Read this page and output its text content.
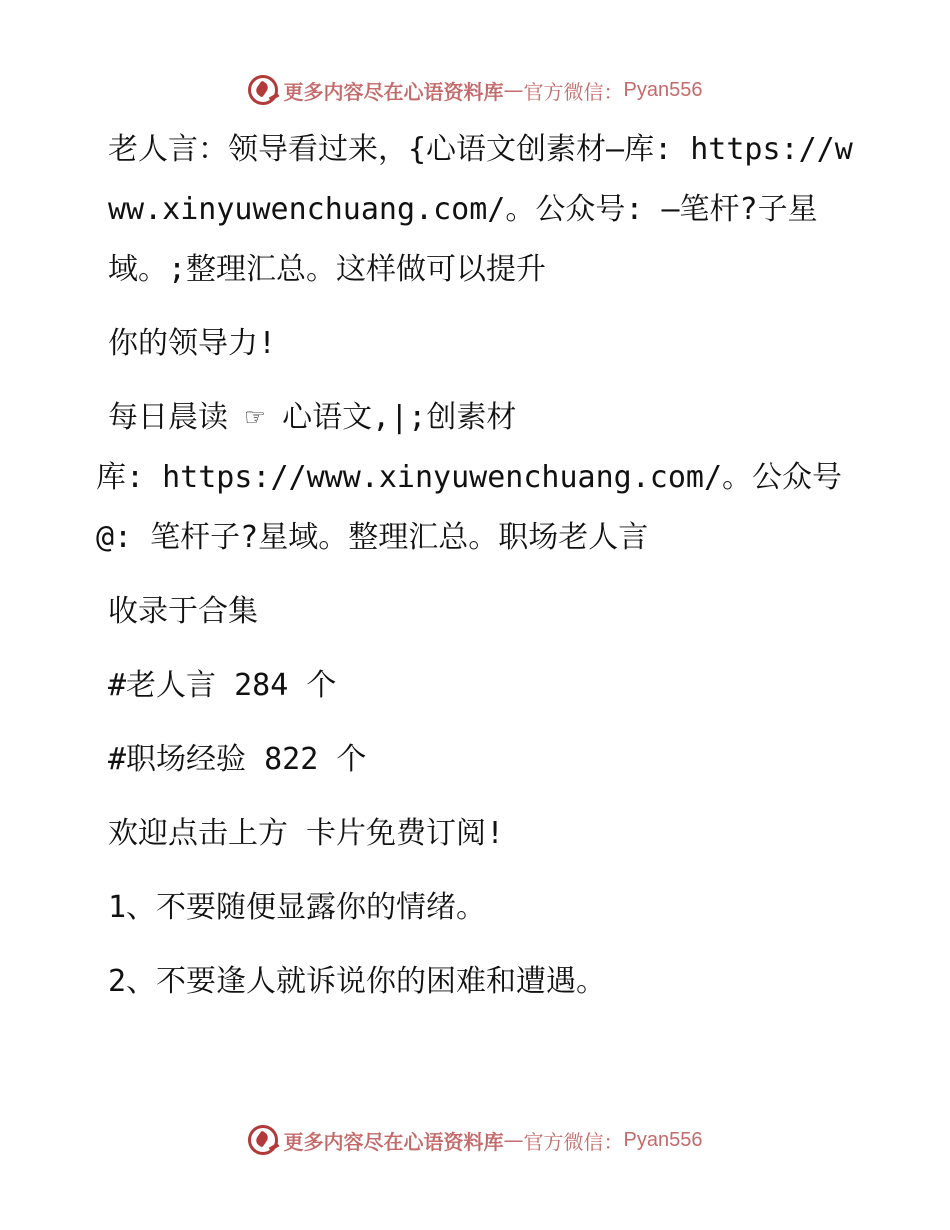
更多内容尽在心语资料库 — 官方微信： Pyan556

老人言：领导看过来，{心语文创素材—库: https://www.xinyuwenchuang.com/。公众号: —笔杆?子星域。;整理汇总。这样做可以提升

你的领导力!

每日晨读 ☞ 心语文,|;创素材

库: https://www.xinyuwenchuang.com/。公众号@: 笔杆子?星域。整理汇总。职场老人言

收录于合集

#老人言 284 个

#职场经验 822 个

欢迎点击上方 卡片免费订阅!

1、不要随便显露你的情绪。

2、不要逢人就诉说你的困难和遭遇。

更多内容尽在心语资料库 — 官方微信： Pyan556
